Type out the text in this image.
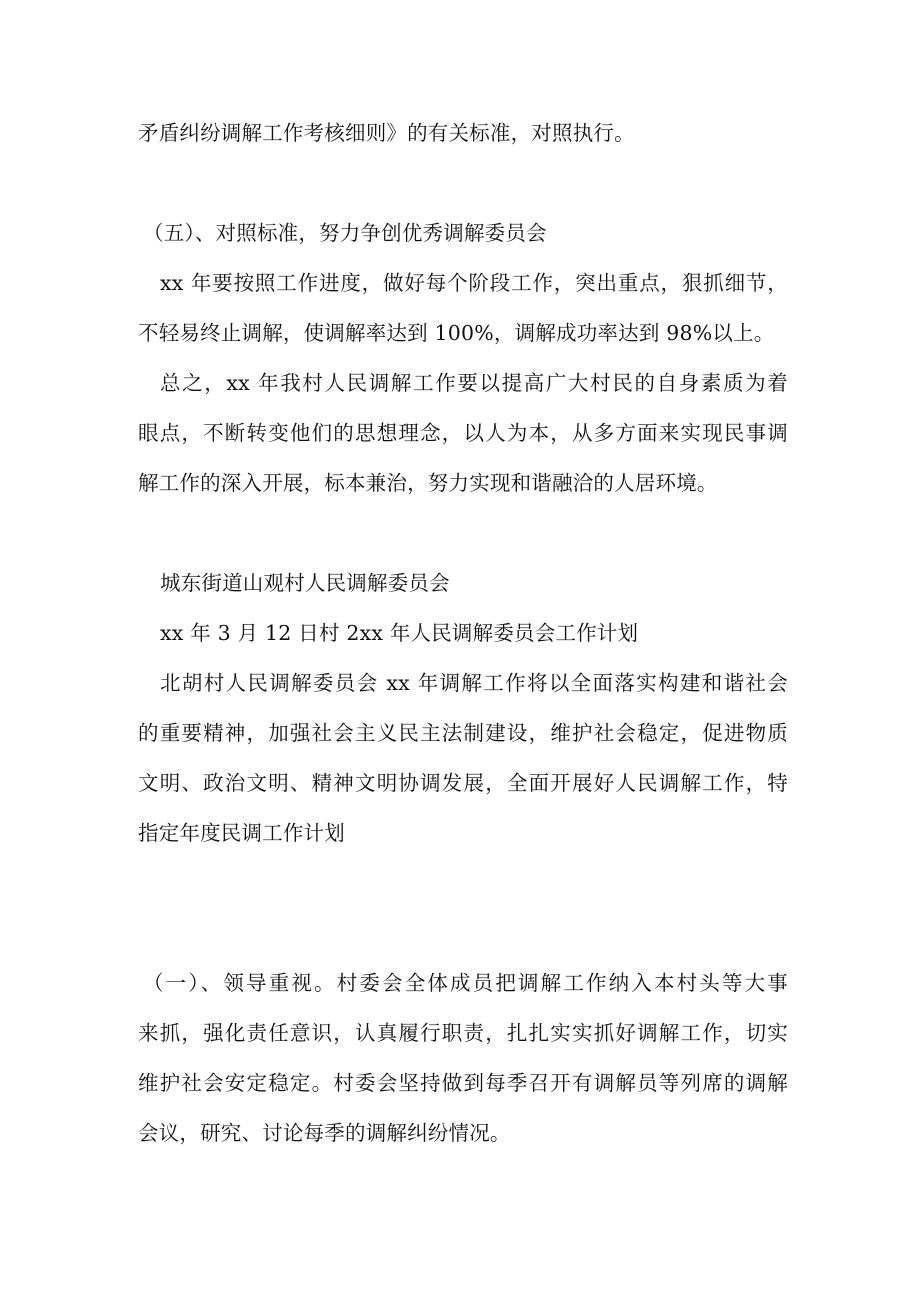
矛盾纠纷调解工作考核细则》的有关标准，对照执行。
（五）、对照标准，努力争创优秀调解委员会
xx 年要按照工作进度，做好每个阶段工作，突出重点，狠抓细节，
不轻易终止调解，使调解率达到 100%，调解成功率达到 98%以上。
总之，xx 年我村人民调解工作要以提高广大村民的自身素质为着
眼点，不断转变他们的思想理念，以人为本，从多方面来实现民事调
解工作的深入开展，标本兼治，努力实现和谐融洽的人居环境。
城东街道山观村人民调解委员会
xx 年 3 月 12 日村 2xx 年人民调解委员会工作计划
北胡村人民调解委员会 xx 年调解工作将以全面落实构建和谐社会
的重要精神，加强社会主义民主法制建设，维护社会稳定，促进物质
文明、政治文明、精神文明协调发展，全面开展好人民调解工作，特
指定年度民调工作计划
（一）、领导重视。村委会全体成员把调解工作纳入本村头等大事
来抓，强化责任意识，认真履行职责，扎扎实实抓好调解工作，切实
维护社会安定稳定。村委会坚持做到每季召开有调解员等列席的调解
会议，研究、讨论每季的调解纠纷情况。
